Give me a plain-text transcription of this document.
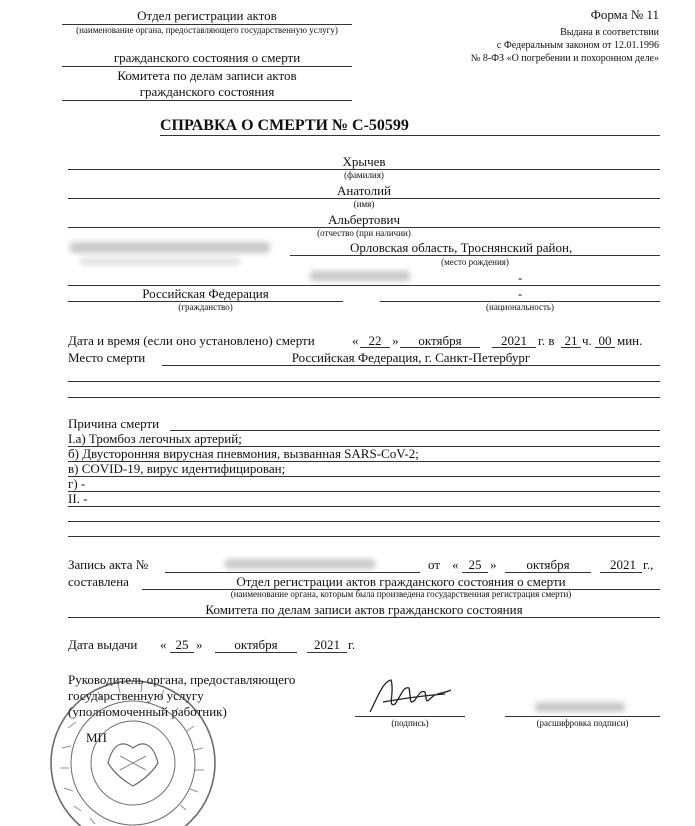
Отдел регистрации актов
(наименование органа, предоставляющего государственную услугу)
гражданского состояния о смерти
Комитета по делам записи актов
гражданского состояния
Форма № 11
Выдана в соответствии
с Федеральным законом от 12.01.1996
№ 8-ФЗ «О погребении и похоронном деле»
СПРАВКА О СМЕРТИ № С-50599
Хрычев
(фамилия)
Анатолий
(имя)
Альбертович
(отчество (при наличии)
Орловская область, Троснянский район,
(место рождения)
-
Российская Федерация
(гражданство)
-
(национальность)
Дата и время (если оно установлено) смерти	« 22 »	октября	2021 г. в 21 ч. 00 мин.
Место смерти	Российская Федерация, г. Санкт-Петербург
Причина смерти
I.а) Тромбоз легочных артерий;
б) Двусторонняя вирусная пневмония, вызванная SARS-CoV-2;
в) COVID-19, вирус идентифицирован;
г) -
II. -
Запись акта №	от « 25 »	октября	2021 г.,
составлена	Отдел регистрации актов гражданского состояния о смерти
(наименование органа, которым была произведена государственная регистрация смерти)
Комитета по делам записи актов гражданского состояния
Дата выдачи « 25 »	октября	2021 г.
Руководитель органа, предоставляющего
государственную услугу
(уполномоченный работник)
МП
(подпись)	(расшифровка подписи)
